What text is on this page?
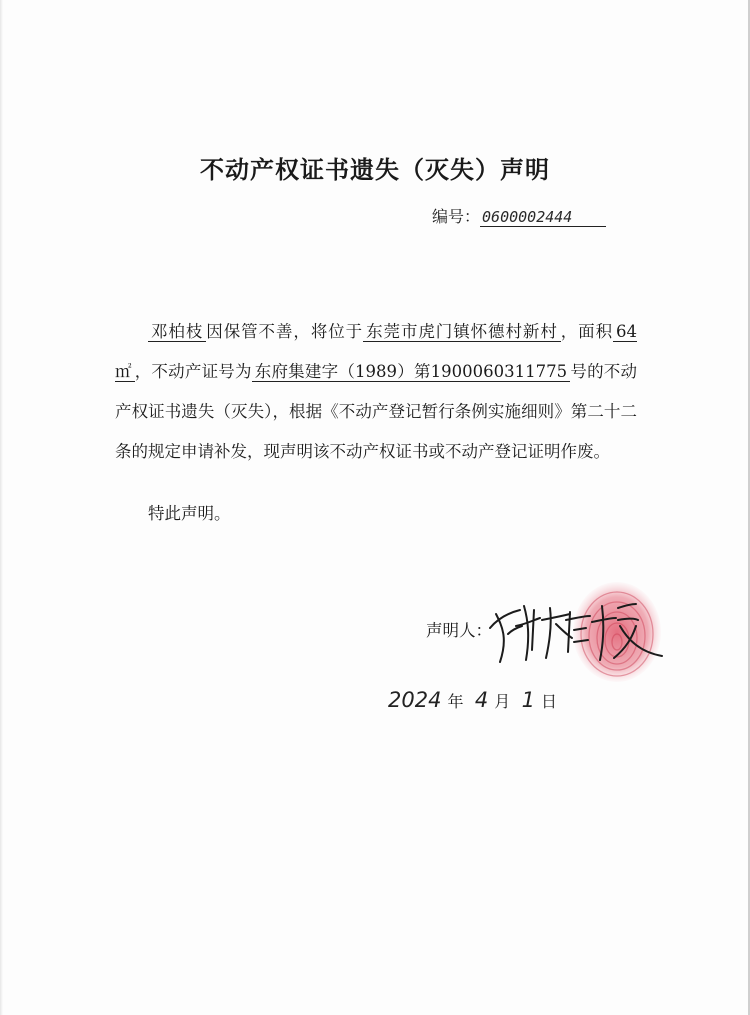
不动产权证书遗失（灭失）声明
编号： 0600002444

邓柏枝 因保管不善，将位于 东莞市虎门镇怀德村新村 ，面积 64 ㎡ ，不动产证号为 东府集建字（1989）第1900060311775 号的不动产权证书遗失（灭失），根据《不动产登记暂行条例实施细则》第二十二条的规定申请补发，现声明该不动产权证书或不动产登记证明作废。

特此声明。
声明人：
2024 年 4 月 1 日
